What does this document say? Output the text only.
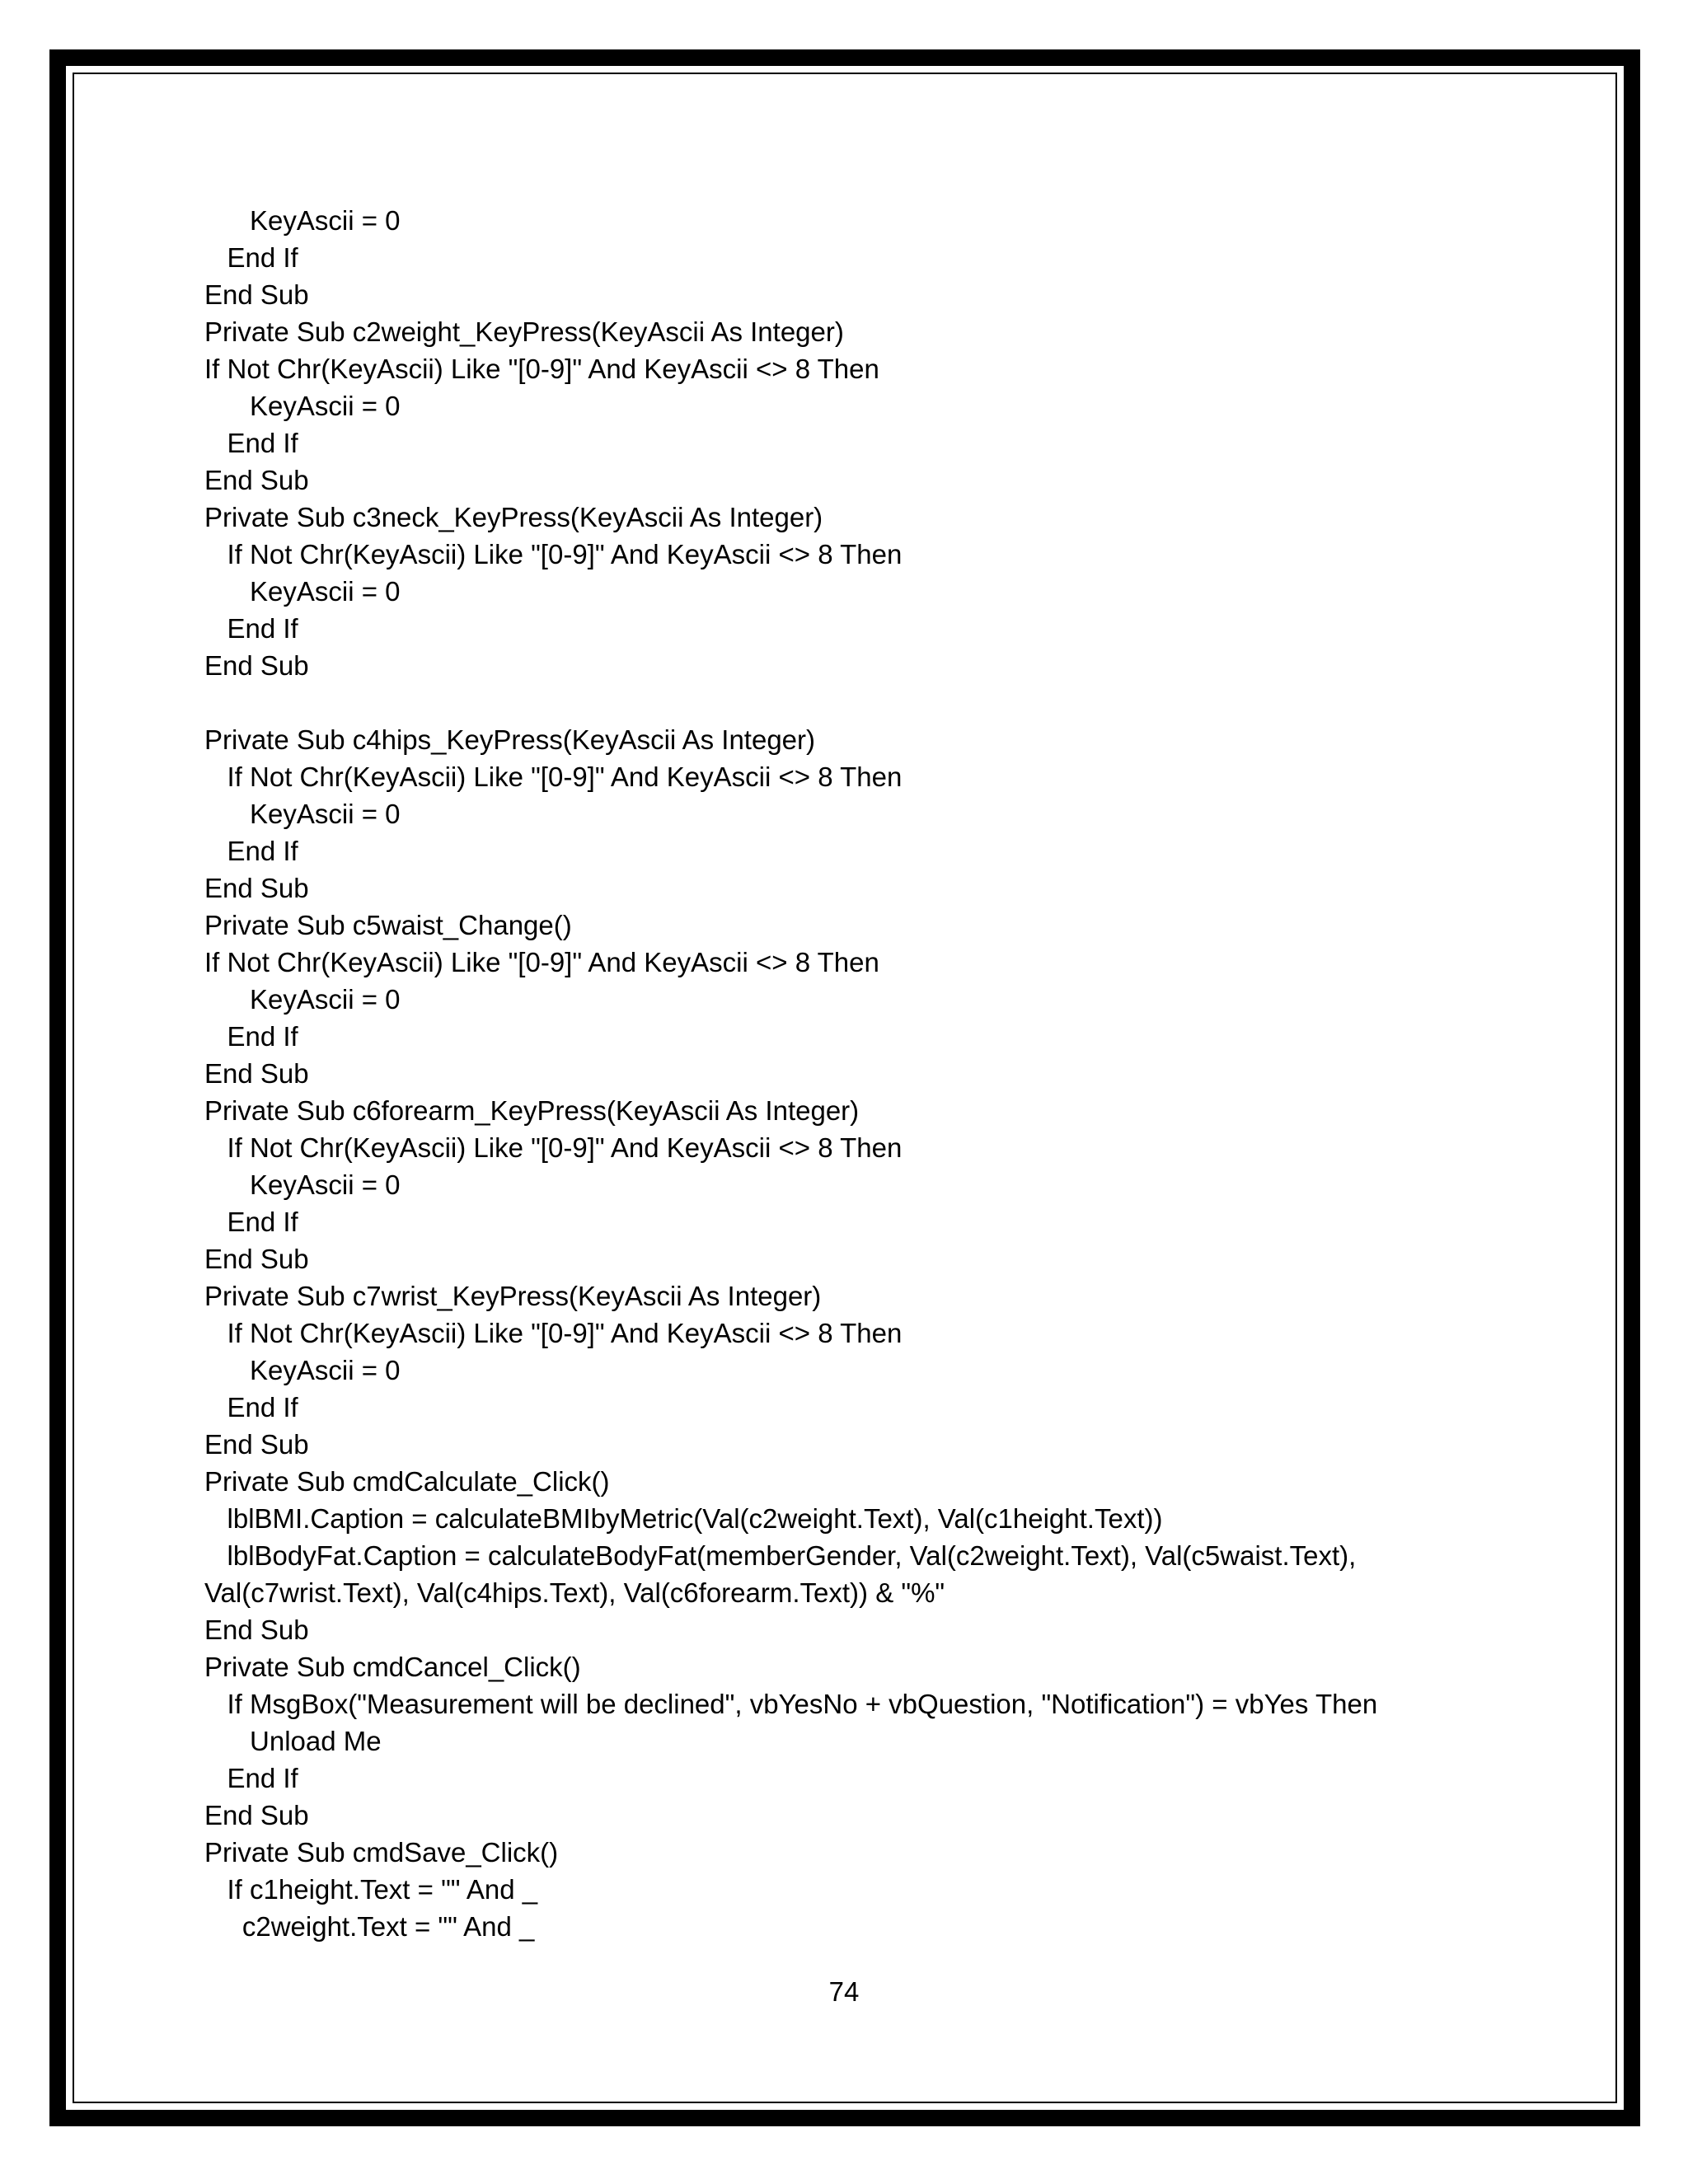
KeyAscii = 0
End If
End Sub
Private Sub c2weight_KeyPress(KeyAscii As Integer)
If Not Chr(KeyAscii) Like "[0-9]" And KeyAscii <> 8 Then
KeyAscii = 0
End If
End Sub
Private Sub c3neck_KeyPress(KeyAscii As Integer)
If Not Chr(KeyAscii) Like "[0-9]" And KeyAscii <> 8 Then
KeyAscii = 0
End If
End Sub
Private Sub c4hips_KeyPress(KeyAscii As Integer)
If Not Chr(KeyAscii) Like "[0-9]" And KeyAscii <> 8 Then
KeyAscii = 0
End If
End Sub
Private Sub c5waist_Change()
If Not Chr(KeyAscii) Like "[0-9]" And KeyAscii <> 8 Then
KeyAscii = 0
End If
End Sub
Private Sub c6forearm_KeyPress(KeyAscii As Integer)
If Not Chr(KeyAscii) Like "[0-9]" And KeyAscii <> 8 Then
KeyAscii = 0
End If
End Sub
Private Sub c7wrist_KeyPress(KeyAscii As Integer)
If Not Chr(KeyAscii) Like "[0-9]" And KeyAscii <> 8 Then
KeyAscii = 0
End If
End Sub
Private Sub cmdCalculate_Click()
lblBMI.Caption = calculateBMIbyMetric(Val(c2weight.Text), Val(c1height.Text))
lblBodyFat.Caption = calculateBodyFat(memberGender, Val(c2weight.Text), Val(c5waist.Text),
Val(c7wrist.Text), Val(c4hips.Text), Val(c6forearm.Text)) & "%"
End Sub
Private Sub cmdCancel_Click()
If MsgBox("Measurement will be declined", vbYesNo + vbQuestion, "Notification") = vbYes Then
Unload Me
End If
End Sub
Private Sub cmdSave_Click()
If c1height.Text = "" And _
c2weight.Text = "" And _
74
